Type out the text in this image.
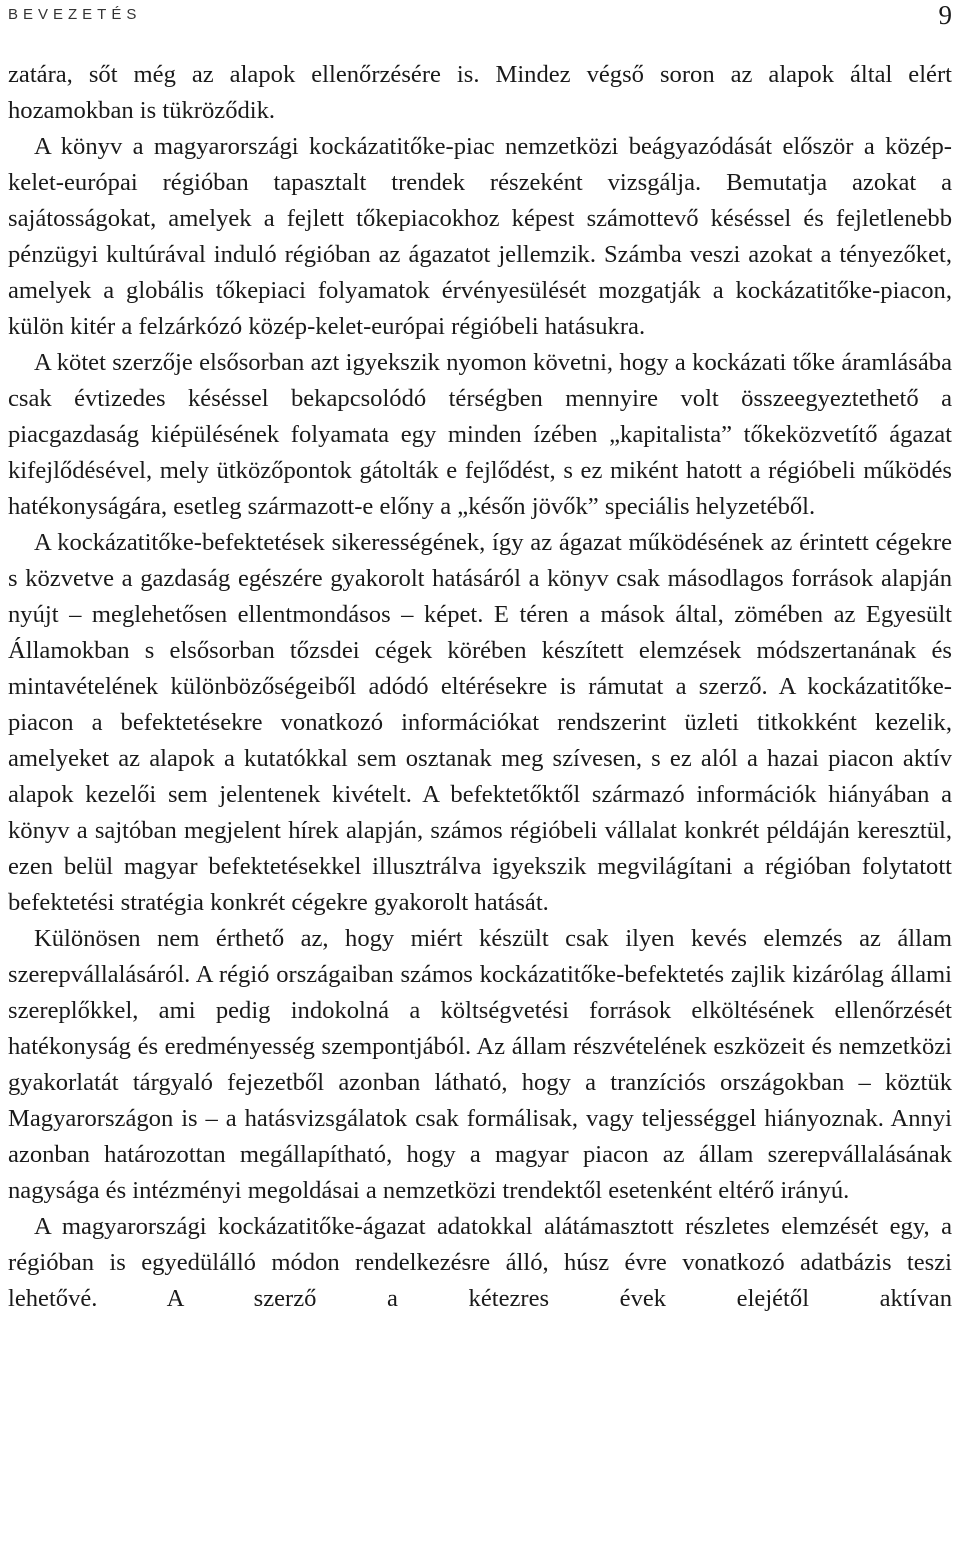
BEVEZETÉS	9

zatára, sőt még az alapok ellenőrzésére is. Mindez végső soron az alapok által elért hozamokban is tükröződik.

A könyv a magyarországi kockázatitőke-piac nemzetközi beágyazódását először a közép-kelet-európai régióban tapasztalt trendek részeként vizsgálja. Bemutatja azokat a sajátosságokat, amelyek a fejlett tőkepiacokhoz képest számottevő késéssel és fejletlenebb pénzügyi kultúrával induló régióban az ágazatot jellemzik. Számba veszi azokat a tényezőket, amelyek a globális tőkepiaci folyamatok érvényesülését mozgatják a kockázatitőke-piacon, külön kitér a felzárkózó közép-kelet-európai régióbeli hatásukra.

A kötet szerzője elsősorban azt igyekszik nyomon követni, hogy a kockázati tőke áramlásába csak évtizedes késéssel bekapcsolódó térségben mennyire volt összeegyeztethető a piacgazdaság kiépülésének folyamata egy minden ízében „kapitalista” tőkeközvetítő ágazat kifejlődésével, mely ütközőpontok gátolták e fejlődést, s ez miként hatott a régióbeli működés hatékonyságára, esetleg származott-e előny a „későn jövők” speciális helyzetéből.

A kockázatitőke-befektetések sikerességének, így az ágazat működésének az érintett cégekre s közvetve a gazdaság egészére gyakorolt hatásáról a könyv csak másodlagos források alapján nyújt – meglehetősen ellentmondásos – képet. E téren a mások által, zömében az Egyesült Államokban s elsősorban tőzsdei cégek körében készített elemzések módszertanának és mintavételének különbözőségeiből adódó eltérésekre is rámutat a szerző. A kockázatitőkepiacon a befektetésekre vonatkozó információkat rendszerint üzleti titkokként kezelik, amelyeket az alapok a kutatókkal sem osztanak meg szívesen, s ez alól a hazai piacon aktív alapok kezelői sem jelentenek kivételt. A befektetőktől származó információk hiányában a könyv a sajtóban megjelent hírek alapján, számos régióbeli vállalat konkrét példáján keresztül, ezen belül magyar befektetésekkel illusztrálva igyekszik megvilágítani a régióban folytatott befektetési stratégia konkrét cégekre gyakorolt hatását.

Különösen nem érthető az, hogy miért készült csak ilyen kevés elemzés az állam szerepvállalásáról. A régió országaiban számos kockázatitőke-befektetés zajlik kizárólag állami szereplőkkel, ami pedig indokolná a költségvetési források elköltésének ellenőrzését hatékonyság és eredményesség szempontjából. Az állam részvételének eszközeit és nemzetközi gyakorlatát tárgyaló fejezetből azonban látható, hogy a tranzíciós országokban – köztük Magyarországon is – a hatásvizsgálatok csak formálisak, vagy teljességgel hiányoznak. Annyi azonban határozottan megállapítható, hogy a magyar piacon az állam szerepvállalásának nagysága és intézményi megoldásai a nemzetközi trendektől esetenként eltérő irányú.

A magyarországi kockázatitőke-ágazat adatokkal alátámasztott részletes elemzését egy, a régióban is egyedülálló módon rendelkezésre álló, húsz évre vonatkozó adatbázis teszi lehetővé. A szerző a kétezres évek elejétől aktívan
